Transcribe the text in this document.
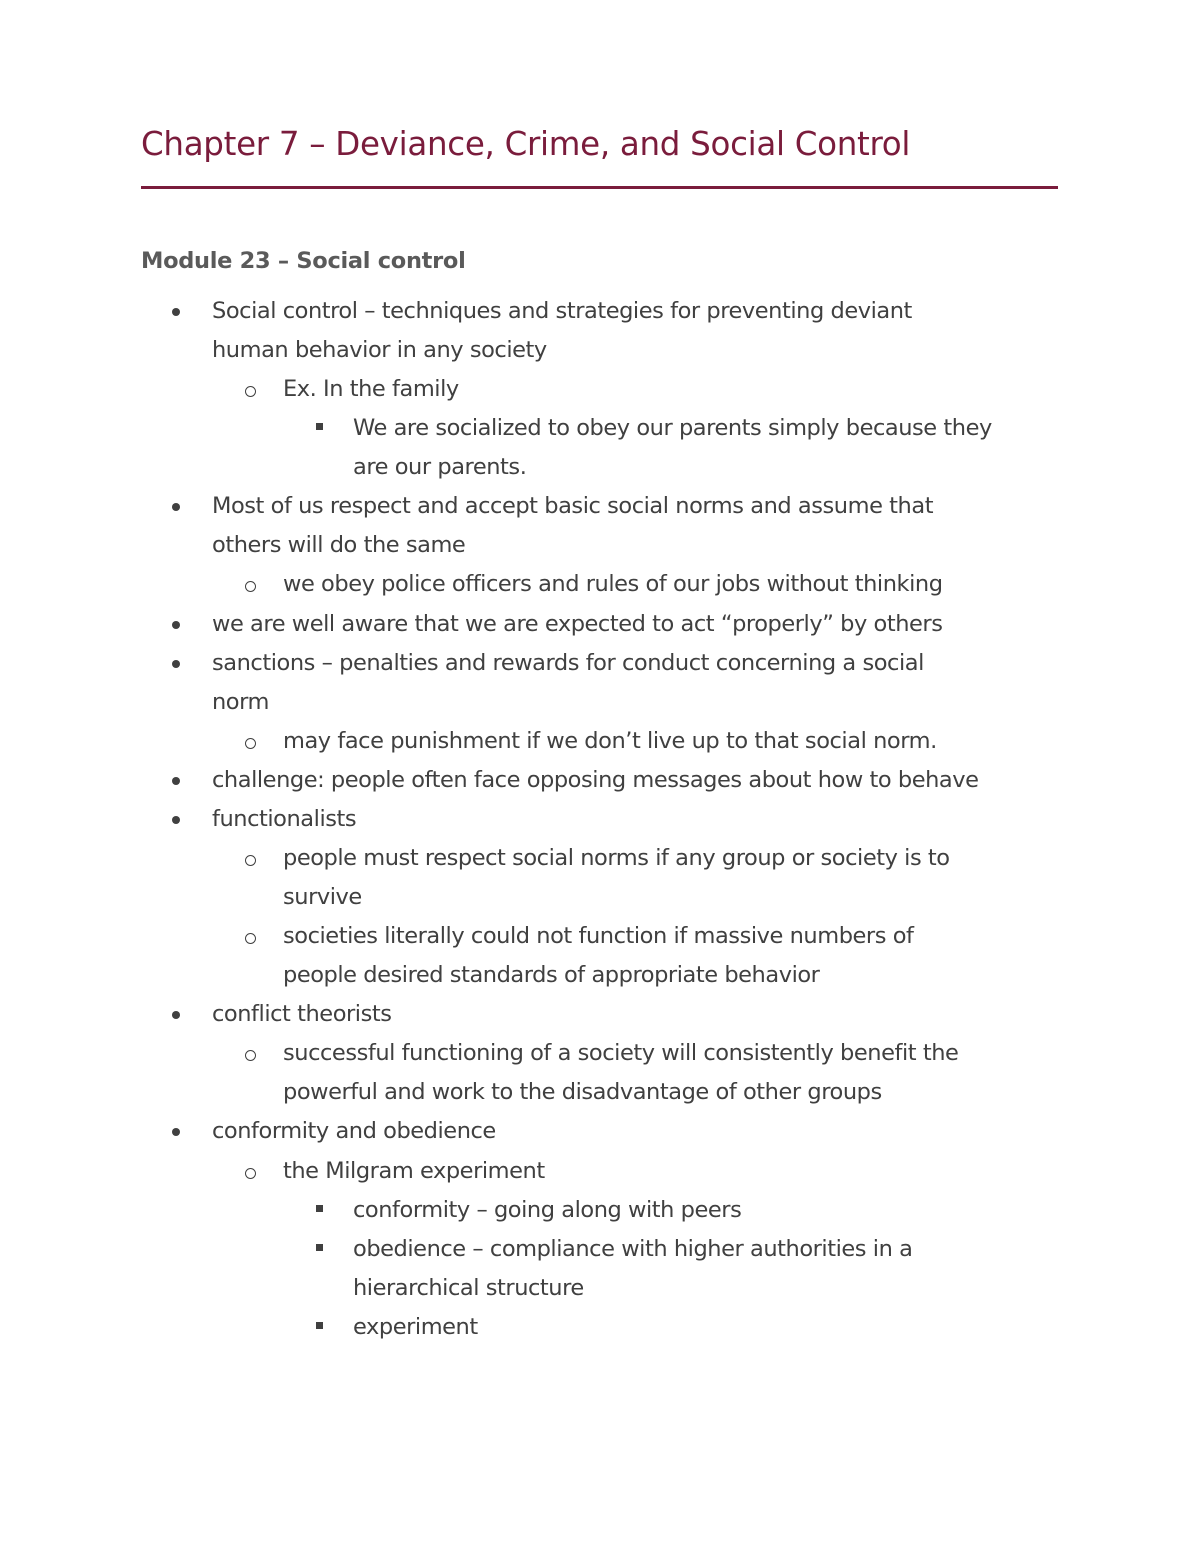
Chapter 7 – Deviance, Crime, and Social Control
Module 23 – Social control
Social control – techniques and strategies for preventing deviant
human behavior in any society
Ex. In the family
We are socialized to obey our parents simply because they
are our parents.
Most of us respect and accept basic social norms and assume that
others will do the same
we obey police officers and rules of our jobs without thinking
we are well aware that we are expected to act “properly” by others
sanctions – penalties and rewards for conduct concerning a social
norm
may face punishment if we don’t live up to that social norm.
challenge: people often face opposing messages about how to behave
functionalists
people must respect social norms if any group or society is to
survive
societies literally could not function if massive numbers of
people desired standards of appropriate behavior
conflict theorists
successful functioning of a society will consistently benefit the
powerful and work to the disadvantage of other groups
conformity and obedience
the Milgram experiment
conformity – going along with peers
obedience – compliance with higher authorities in a
hierarchical structure
experiment
